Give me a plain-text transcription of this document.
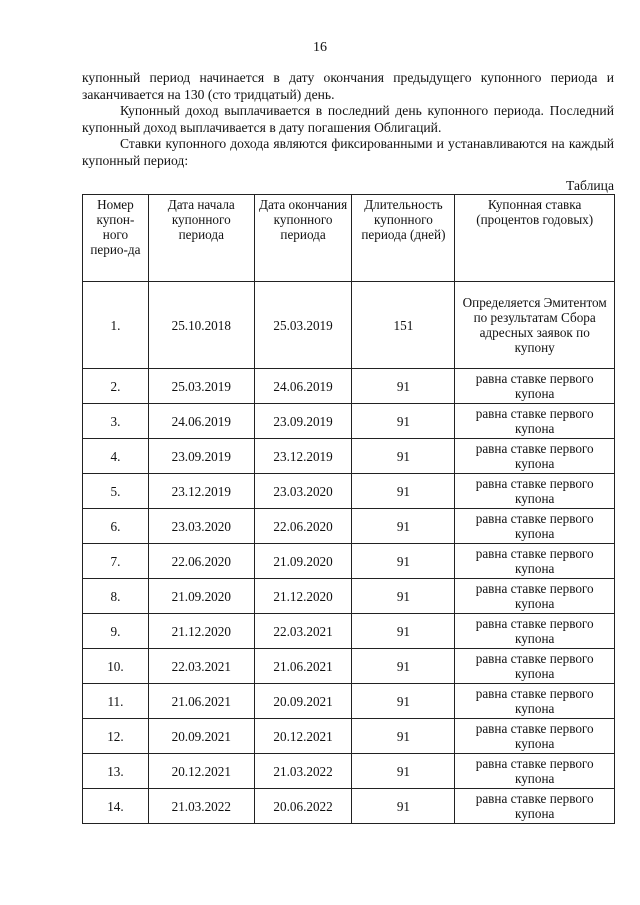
16

купонный период начинается в дату окончания предыдущего купонного периода и заканчивается на 130 (сто тридцатый) день.

Купонный доход выплачивается в последний день купонного периода. Последний купонный доход выплачивается в дату погашения Облигаций.

Ставки купонного дохода являются фиксированными и устанавливаются на каждый купонный период:

Таблица
Номер купон-ного перио-да	Дата начала купонного периода	Дата окончания купонного периода	Длительность купонного периода (дней)	Купонная ставка (процентов годовых)
1.	25.10.2018	25.03.2019	151	Определяется Эмитентом по результатам Сбора адресных заявок по купону
2.	25.03.2019	24.06.2019	91	равна ставке первого купона
3.	24.06.2019	23.09.2019	91	равна ставке первого купона
4.	23.09.2019	23.12.2019	91	равна ставке первого купона
5.	23.12.2019	23.03.2020	91	равна ставке первого купона
6.	23.03.2020	22.06.2020	91	равна ставке первого купона
7.	22.06.2020	21.09.2020	91	равна ставке первого купона
8.	21.09.2020	21.12.2020	91	равна ставке первого купона
9.	21.12.2020	22.03.2021	91	равна ставке первого купона
10.	22.03.2021	21.06.2021	91	равна ставке первого купона
11.	21.06.2021	20.09.2021	91	равна ставке первого купона
12.	20.09.2021	20.12.2021	91	равна ставке первого купона
13.	20.12.2021	21.03.2022	91	равна ставке первого купона
14.	21.03.2022	20.06.2022	91	равна ставке первого купона
